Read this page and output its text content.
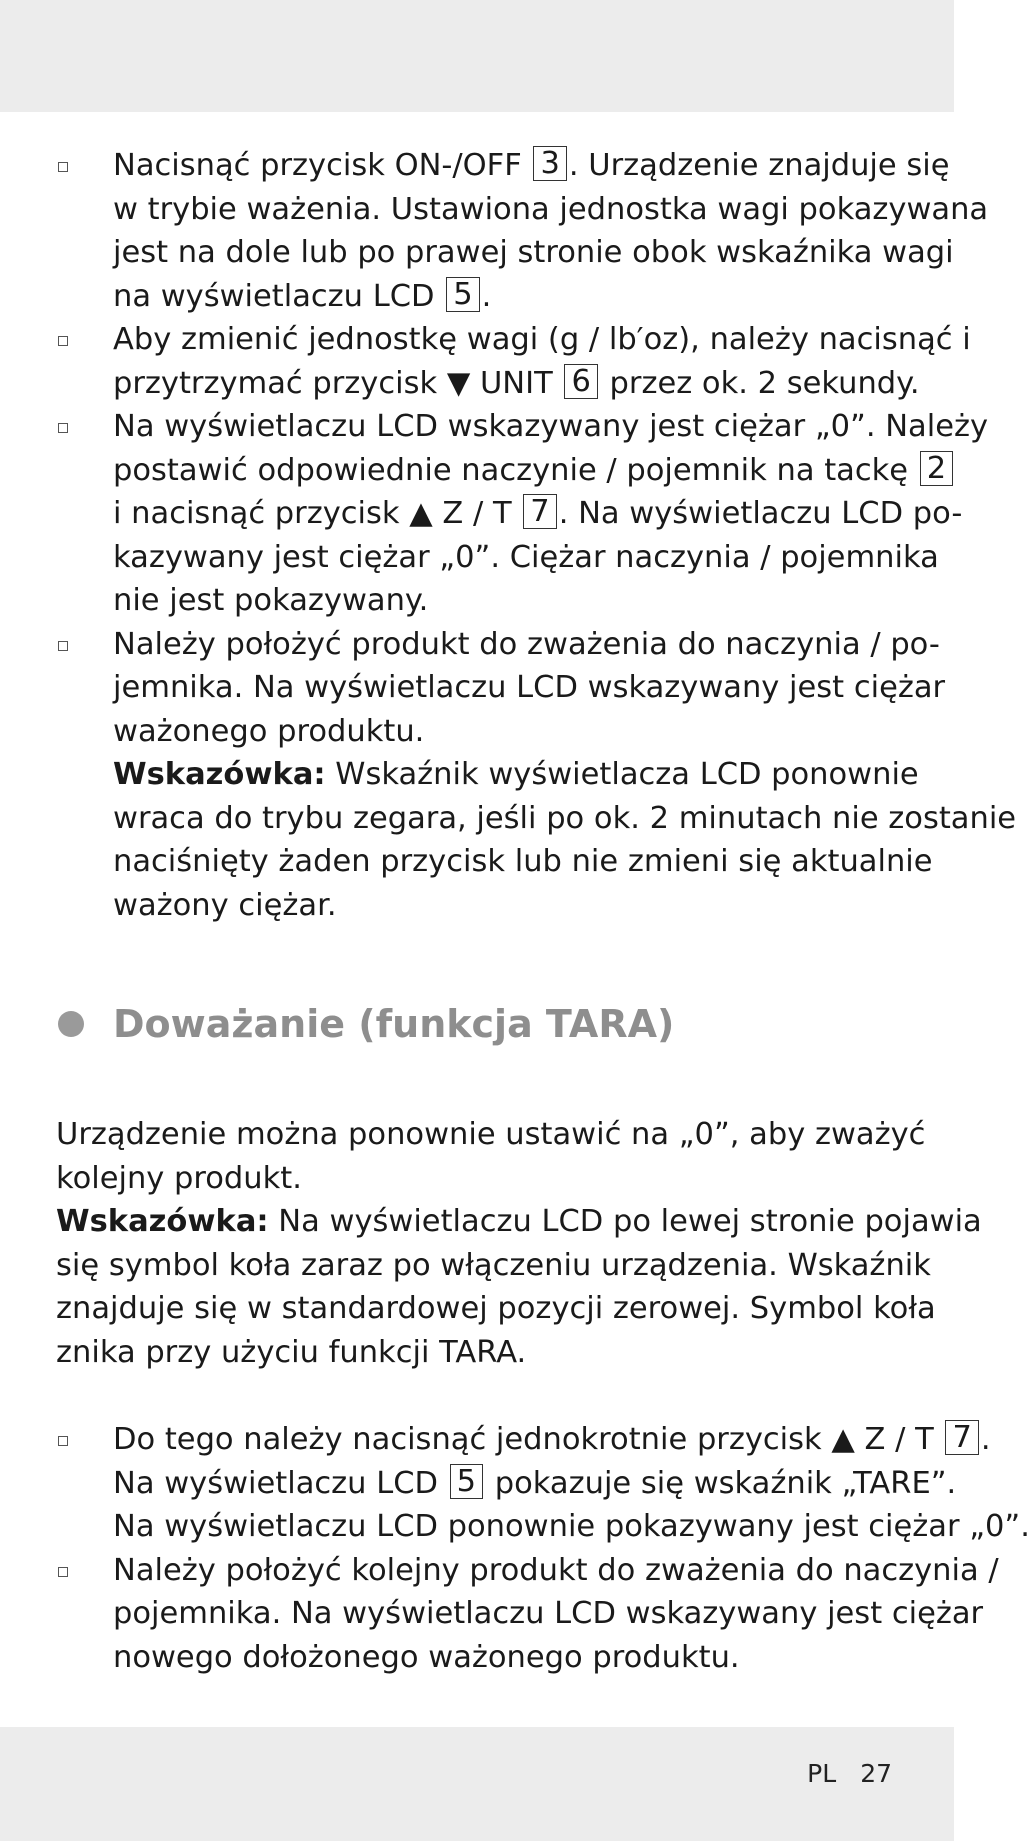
Nacisnąć przycisk ON-/OFF 3 . Urządzenie znajduje się
w trybie ważenia. Ustawiona jednostka wagi pokazywana
jest na dole lub po prawej stronie obok wskaźnika wagi
na wyświetlaczu LCD 5 .
Aby zmienić jednostkę wagi (g / lb′oz), należy nacisnąć i
przytrzymać przycisk ▼ UNIT 6 przez ok. 2 sekundy.
Na wyświetlaczu LCD wskazywany jest ciężar „0”. Należy
postawić odpowiednie naczynie / pojemnik na tackę 2
i nacisnąć przycisk ▲ Z / T 7 . Na wyświetlaczu LCD po-
kazywany jest ciężar „0”. Ciężar naczynia / pojemnika
nie jest pokazywany.
Należy położyć produkt do zważenia do naczynia / po-
jemnika. Na wyświetlaczu LCD wskazywany jest ciężar
ważonego produktu.
Wskazówka: Wskaźnik wyświetlacza LCD ponownie
wraca do trybu zegara, jeśli po ok. 2 minutach nie zostanie
naciśnięty żaden przycisk lub nie zmieni się aktualnie
ważony ciężar.
Doważanie (funkcja TARA)
Urządzenie można ponownie ustawić na „0”, aby zważyć
kolejny produkt.
Wskazówka: Na wyświetlaczu LCD po lewej stronie pojawia
się symbol koła zaraz po włączeniu urządzenia. Wskaźnik
znajduje się w standardowej pozycji zerowej. Symbol koła
znika przy użyciu funkcji TARA.
Do tego należy nacisnąć jednokrotnie przycisk ▲ Z / T 7 .
Na wyświetlaczu LCD 5 pokazuje się wskaźnik „TARE”.
Na wyświetlaczu LCD ponownie pokazywany jest ciężar „0”.
Należy położyć kolejny produkt do zważenia do naczynia /
pojemnika. Na wyświetlaczu LCD wskazywany jest ciężar
nowego dołożonego ważonego produktu.
PL 27
